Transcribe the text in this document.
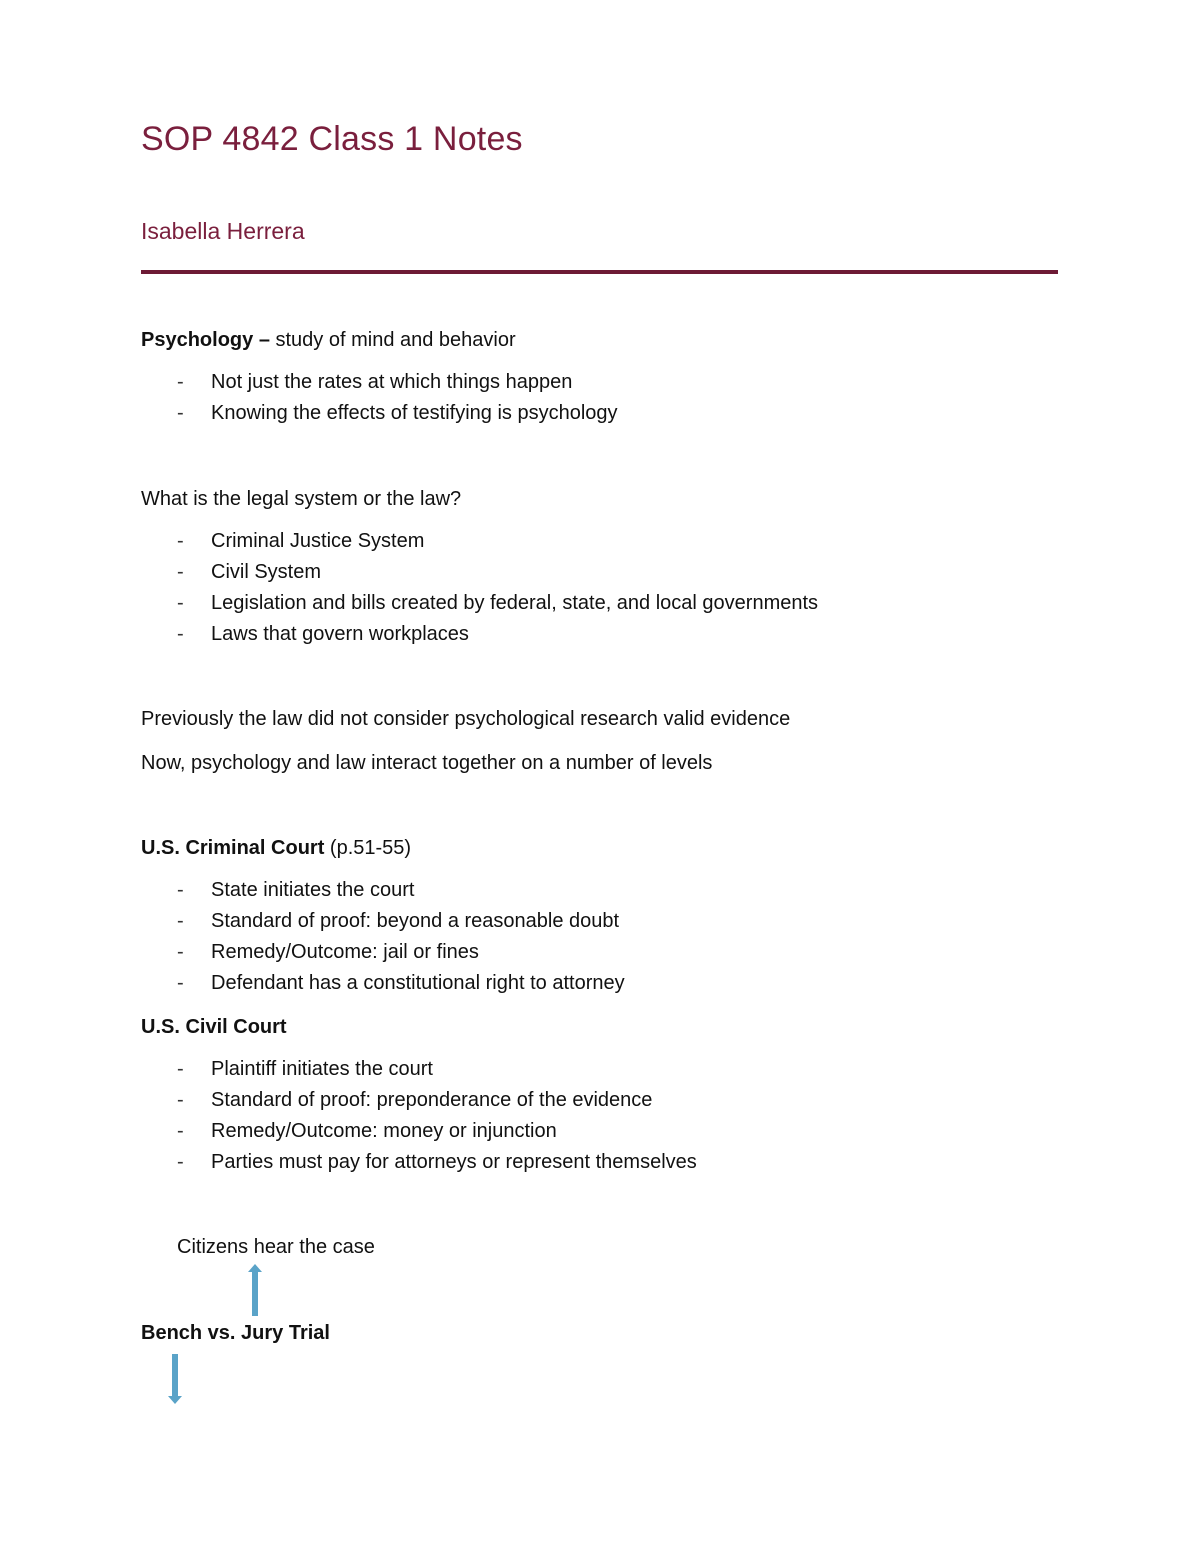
SOP 4842 Class 1 Notes
Isabella Herrera
Psychology – study of mind and behavior
- Not just the rates at which things happen
- Knowing the effects of testifying is psychology
What is the legal system or the law?
- Criminal Justice System
- Civil System
- Legislation and bills created by federal, state, and local governments
- Laws that govern workplaces
Previously the law did not consider psychological research valid evidence
Now, psychology and law interact together on a number of levels
U.S. Criminal Court (p.51-55)
- State initiates the court
- Standard of proof: beyond a reasonable doubt
- Remedy/Outcome: jail or fines
- Defendant has a constitutional right to attorney
U.S. Civil Court
- Plaintiff initiates the court
- Standard of proof: preponderance of the evidence
- Remedy/Outcome: money or injunction
- Parties must pay for attorneys or represent themselves
Citizens hear the case
Bench vs. Jury Trial
